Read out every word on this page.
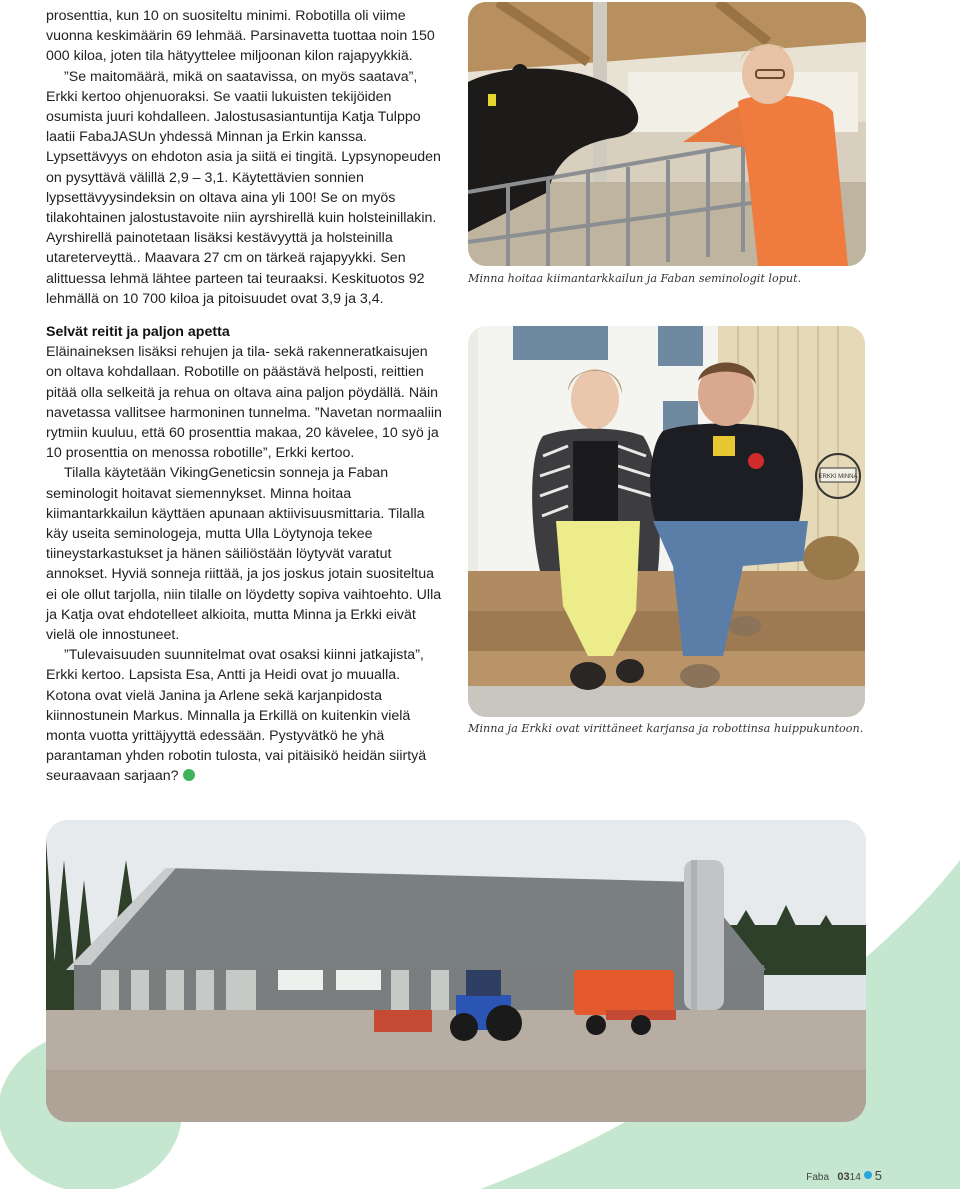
prosenttia, kun 10 on suositeltu minimi. Robotilla oli viime vuonna keskimäärin 69 lehmää. Parsinavetta tuottaa noin 150 000 kiloa, joten tila hätyyttelee miljoonan kilon rajapyykkiä.

”Se maitomäärä, mikä on saatavissa, on myös saatava”, Erkki kertoo ohjenuoraksi. Se vaatii lukuisten tekijöiden osumista juuri kohdalleen. Jalostusasiantuntija Katja Tulppo laatii FabaJASUn yhdessä Minnan ja Erkin kanssa. Lypsettävyys on ehdoton asia ja siitä ei tingitä. Lypsynopeuden on pysyttävä välillä 2,9 – 3,1. Käytettävien sonnien lypsettävyysindeksin on oltava aina yli 100! Se on myös tilakohtainen jalostustavoite niin ayrshirellä kuin holsteinillakin. Ayrshirellä painotetaan lisäksi kestävyyttä ja holsteinilla utareterveyttä.. Maavara 27 cm on tärkeä rajapyykki. Sen alittuessa lehmä lähtee parteen tai teuraaksi. Keskituotos 92 lehmällä on 10 700 kiloa ja pitoisuudet ovat 3,9 ja 3,4.

Selvät reitit ja paljon apetta

Eläinaineksen lisäksi rehujen ja tila- sekä rakenneratkaisujen on oltava kohdallaan. Robotille on päästävä helposti, reittien pitää olla selkeitä ja rehua on oltava aina paljon pöydällä. Näin navetassa vallitsee harmoninen tunnelma. ”Navetan normaaliin rytmiin kuuluu, että 60 prosenttia makaa, 20 kävelee, 10 syö ja 10 prosenttia on menossa robotille”, Erkki kertoo.

Tilalla käytetään VikingGeneticsin sonneja ja Faban seminologit hoitavat siemennykset. Minna hoitaa kiimantarkkailun käyttäen apunaan aktiivisuusmittaria. Tilalla käy useita seminologeja, mutta Ulla Löytynoja tekee tiineystarkastukset ja hänen säiliöstään löytyvät varatut annokset. Hyviä sonneja riittää, ja jos joskus jotain suositeltua ei ole ollut tarjolla, niin tilalle on löydetty sopiva vaihtoehto. Ulla ja Katja ovat ehdotelleet alkioita, mutta Minna ja Erkki eivät vielä ole innostuneet.

”Tulevaisuuden suunnitelmat ovat osaksi kiinni jatkajista”, Erkki kertoo. Lapsista Esa, Antti ja Heidi ovat jo muualla. Kotona ovat vielä Janina ja Arlene sekä karjanpidosta kiinnostunein Markus. Minnalla ja Erkillä on kuitenkin vielä monta vuotta yrittäjyyttä edessään. Pystyvätkö he yhä parantaman yhden robotin tulosta, vai pitäisikö heidän siirtyä seuraavaan sarjaan?

Minna hoitaa kiimantarkkailun ja Faban seminologit loput.
ERKKI MINNA
Minna ja Erkki ovat virittäneet karjansa ja robottinsa huippukuntoon.
Faba 0314 5
